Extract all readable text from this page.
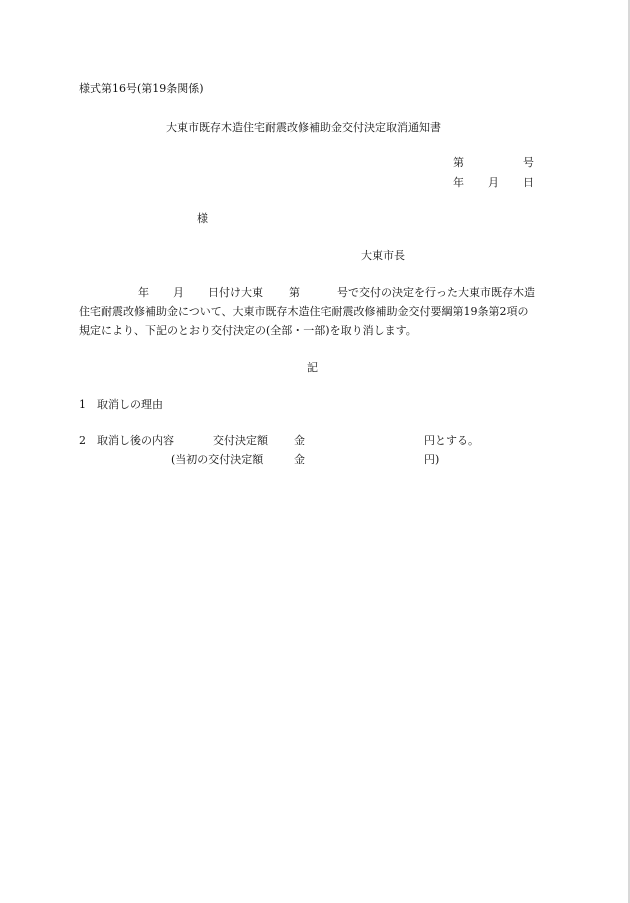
様式第16号(第19条関係)
大東市既存木造住宅耐震改修補助金交付決定取消通知書
第	号
年 月 日
様
大東市長
年 月 日付け大東 第	号で交付の決定を行った大東市既存木造
住宅耐震改修補助金について、大東市既存木造住宅耐震改修補助金交付要綱第19条第2項の
規定により、下記のとおり交付決定の(全部・一部)を取り消します。
記
1 取消しの理由
2 取消し後の内容	交付決定額 金	円とする。
(当初の交付決定額	金	円)
